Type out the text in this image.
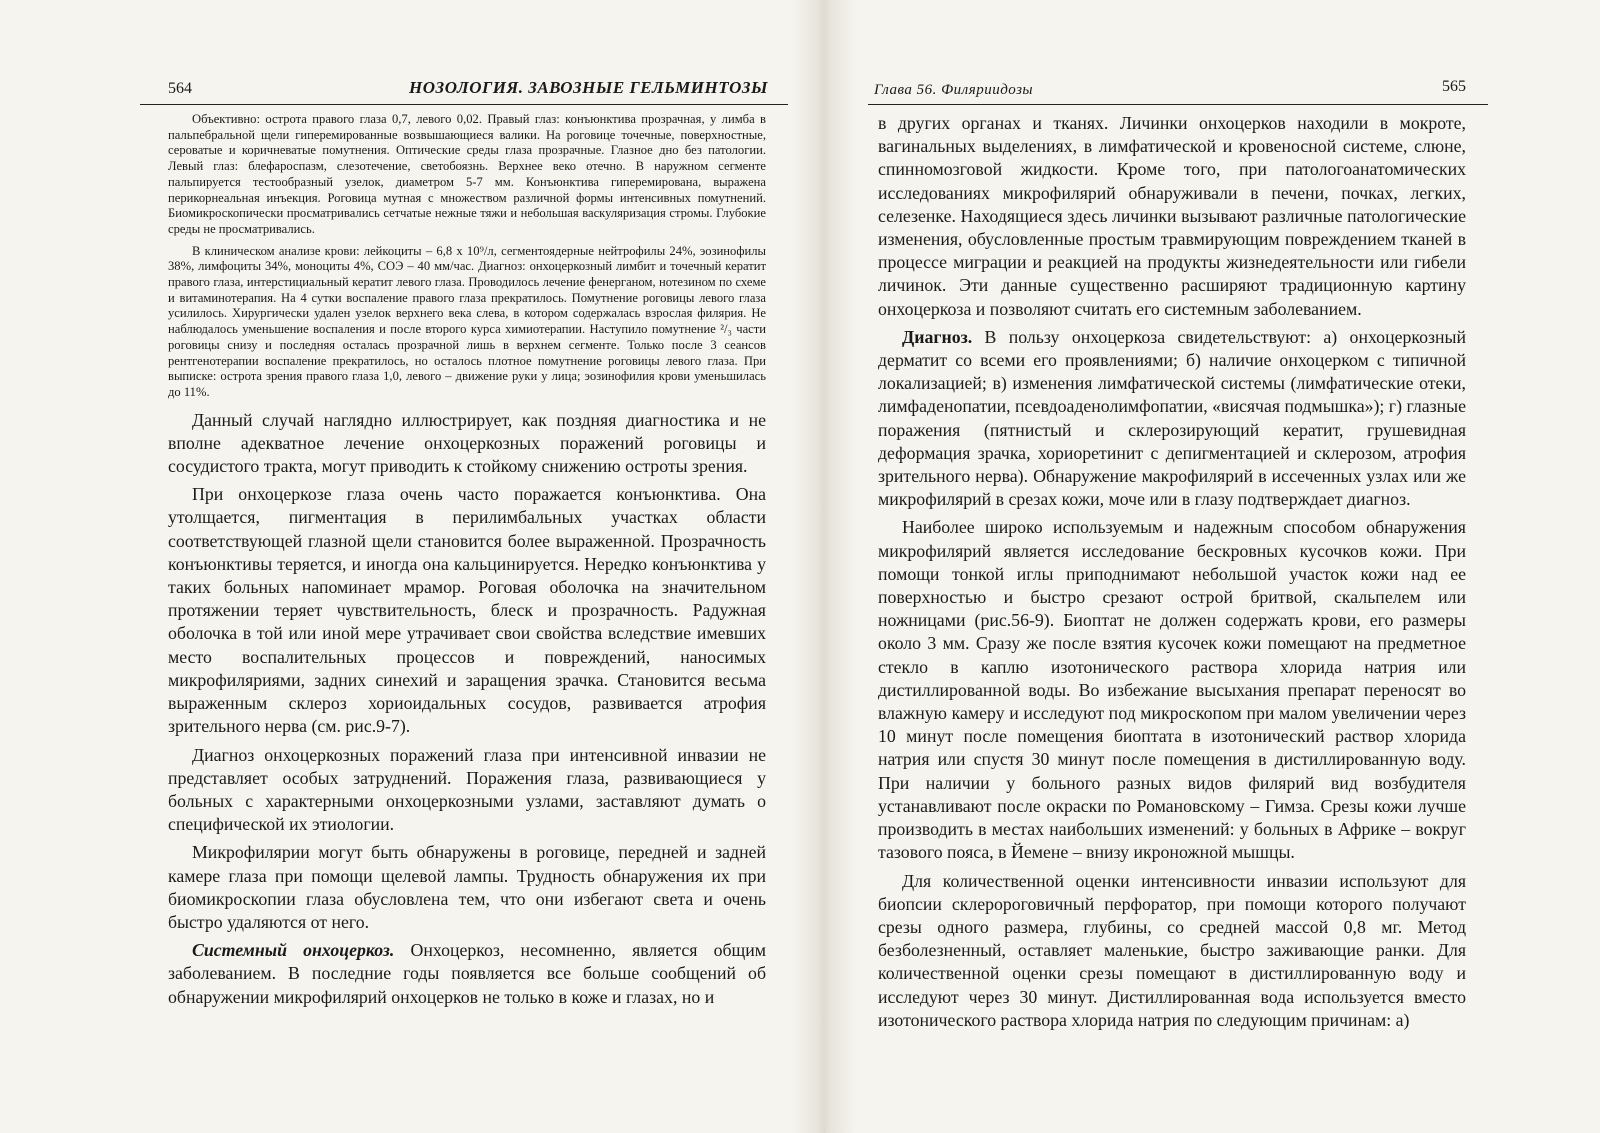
564	НОЗОЛОГИЯ. ЗАВОЗНЫЕ ГЕЛЬМИНТОЗЫ

Объективно: острота правого глаза 0,7, левого 0,02. Правый глаз: конъюнктива прозрачная, у лимба в пальпебральной щели гиперемированные возвышающиеся валики. На роговице точечные, поверхностные, сероватые и коричневатые помутнения. Оптические среды глаза прозрачные. Глазное дно без патологии. Левый глаз: блефароспазм, слезотечение, светобоязнь. Верхнее веко отечно. В наружном сегменте пальпируется тестообразный узелок, диаметром 5-7 мм. Конъюнктива гиперемирована, выражена перикорнеальная инъекция. Роговица мутная с множеством различной формы интенсивных помутнений. Биомикроскопически просматривались сетчатые нежные тяжи и небольшая васкуляризация стромы. Глубокие среды не просматривались.

В клиническом анализе крови: лейкоциты – 6,8 x 10⁹/л, сегментоядерные нейтрофилы 24%, эозинофилы 38%, лимфоциты 34%, моноциты 4%, СОЭ – 40 мм/час. Диагноз: онхоцеркозный лимбит и точечный кератит правого глаза, интерстициальный кератит левого глаза. Проводилось лечение фенерганом, нотезином по схеме и витаминотерапия. На 4 сутки воспаление правого глаза прекратилось. Помутнение роговицы левого глаза усилилось. Хирургически удален узелок верхнего века слева, в котором содержалась взрослая филярия. Не наблюдалось уменьшение воспаления и после второго курса химиотерапии. Наступило помутнение ²/₃ части роговицы снизу и последняя осталась прозрачной лишь в верхнем сегменте. Только после 3 сеансов рентгенотерапии воспаление прекратилось, но осталось плотное помутнение роговицы левого глаза. При выписке: острота зрения правого глаза 1,0, левого – движение руки у лица; эозинофилия крови уменьшилась до 11%.

Данный случай наглядно иллюстрирует, как поздняя диагностика и не вполне адекватное лечение онхоцеркозных поражений роговицы и сосудистого тракта, могут приводить к стойкому снижению остроты зрения.

При онхоцеркозе глаза очень часто поражается конъюнктива. Она утолщается, пигментация в перилимбальных участках области соответствующей глазной щели становится более выраженной. Прозрачность конъюнктивы теряется, и иногда она кальцинируется. Нередко конъюнктива у таких больных напоминает мрамор. Роговая оболочка на значительном протяжении теряет чувствительность, блеск и прозрачность. Радужная оболочка в той или иной мере утрачивает свои свойства вследствие имевших место воспалительных процессов и повреждений, наносимых микрофиляриями, задних синехий и заращения зрачка. Становится весьма выраженным склероз хориоидальных сосудов, развивается атрофия зрительного нерва (см. рис.9-7).

Диагноз онхоцеркозных поражений глаза при интенсивной инвазии не представляет особых затруднений. Поражения глаза, развивающиеся у больных с характерными онхоцеркозными узлами, заставляют думать о специфической их этиологии.

Микрофилярии могут быть обнаружены в роговице, передней и задней камере глаза при помощи щелевой лампы. Трудность обнаружения их при биомикроскопии глаза обусловлена тем, что они избегают света и очень быстро удаляются от него.

Системный онхоцеркоз. Онхоцеркоз, несомненно, является общим заболеванием. В последние годы появляется все больше сообщений об обнаружении микрофилярий онхоцерков не только в коже и глазах, но и

Глава 56. Филяриидозы	565

в других органах и тканях. Личинки онхоцерков находили в мокроте, вагинальных выделениях, в лимфатической и кровеносной системе, слюне, спинномозговой жидкости. Кроме того, при патологоанатомических исследованиях микрофилярий обнаруживали в печени, почках, легких, селезенке. Находящиеся здесь личинки вызывают различные патологические изменения, обусловленные простым травмирующим повреждением тканей в процессе миграции и реакцией на продукты жизнедеятельности или гибели личинок. Эти данные существенно расширяют традиционную картину онхоцеркоза и позволяют считать его системным заболеванием.

Диагноз. В пользу онхоцеркоза свидетельствуют: а) онхоцеркозный дерматит со всеми его проявлениями; б) наличие онхоцерком с типичной локализацией; в) изменения лимфатической системы (лимфатические отеки, лимфаденопатии, псевдоаденолимфопатии, «висячая подмышка»); г) глазные поражения (пятнистый и склерозирующий кератит, грушевидная деформация зрачка, хориоретинит с депигментацией и склерозом, атрофия зрительного нерва). Обнаружение макрофилярий в иссеченных узлах или же микрофилярий в срезах кожи, моче или в глазу подтверждает диагноз.

Наиболее широко используемым и надежным способом обнаружения микрофилярий является исследование бескровных кусочков кожи. При помощи тонкой иглы приподнимают небольшой участок кожи над ее поверхностью и быстро срезают острой бритвой, скальпелем или ножницами (рис.56-9). Биоптат не должен содержать крови, его размеры около 3 мм. Сразу же после взятия кусочек кожи помещают на предметное стекло в каплю изотонического раствора хлорида натрия или дистиллированной воды. Во избежание высыхания препарат переносят во влажную камеру и исследуют под микроскопом при малом увеличении через 10 минут после помещения биоптата в изотонический раствор хлорида натрия или спустя 30 минут после помещения в дистиллированную воду. При наличии у больного разных видов филярий вид возбудителя устанавливают после окраски по Романовскому – Гимза. Срезы кожи лучше производить в местах наибольших изменений: у больных в Африке – вокруг тазового пояса, в Йемене – внизу икроножной мышцы.

Для количественной оценки интенсивности инвазии используют для биопсии склеророговичный перфоратор, при помощи которого получают срезы одного размера, глубины, со средней массой 0,8 мг. Метод безболезненный, оставляет маленькие, быстро заживающие ранки. Для количественной оценки срезы помещают в дистиллированную воду и исследуют через 30 минут. Дистиллированная вода используется вместо изотонического раствора хлорида натрия по следующим причинам: а)
